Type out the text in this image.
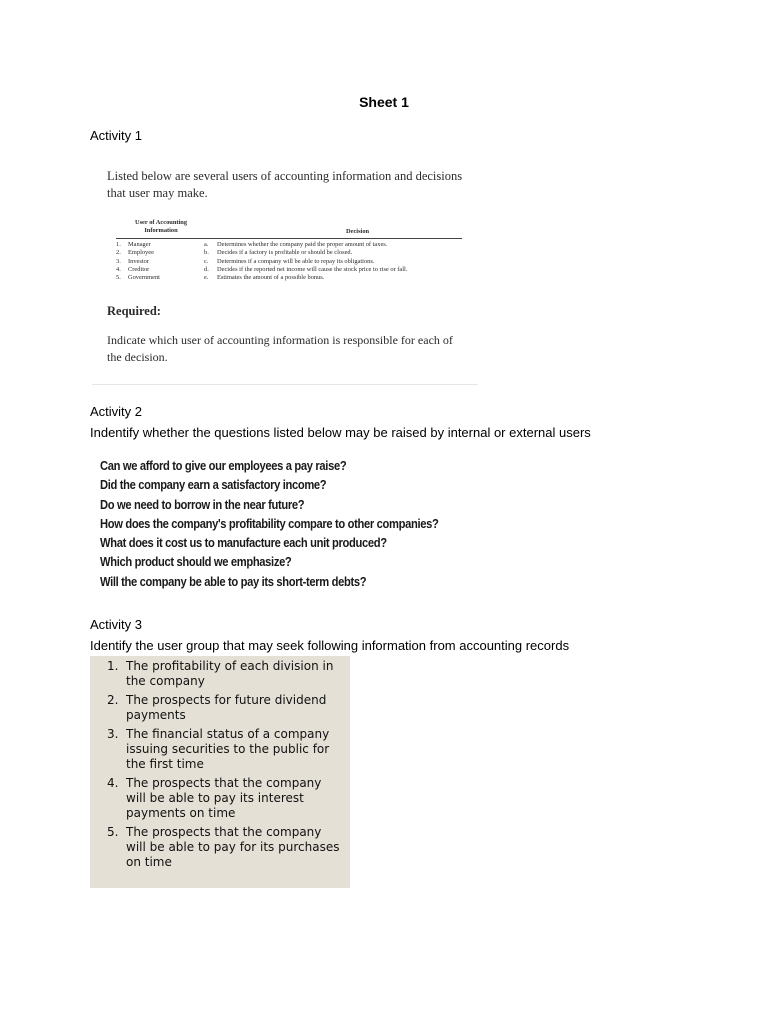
Sheet 1
Activity 1
Listed below are several users of accounting information and decisions that user may make.
User of Accounting Information	Decision
1. Manager	a. Determines whether the company paid the proper amount of taxes.
2. Employee	b. Decides if a factory is profitable or should be closed.
3. Investor	c. Determines if a company will be able to repay its obligations.
4. Creditor	d. Decides if the reported net income will cause the stock price to rise or fall.
5. Government	e. Estimates the amount of a possible bonus.
Required:
Indicate which user of accounting information is responsible for each of the decision.
Activity 2
Indentify whether the questions listed below may be raised by internal or external users
Can we afford to give our employees a pay raise?
Did the company earn a satisfactory income?
Do we need to borrow in the near future?
How does the company's profitability compare to other companies?
What does it cost us to manufacture each unit produced?
Which product should we emphasize?
Will the company be able to pay its short-term debts?
Activity 3
Identify the user group that may seek following information from accounting records
1. The profitability of each division in the company
2. The prospects for future dividend payments
3. The financial status of a company issuing securities to the public for the first time
4. The prospects that the company will be able to pay its interest payments on time
5. The prospects that the company will be able to pay for its purchases on time
